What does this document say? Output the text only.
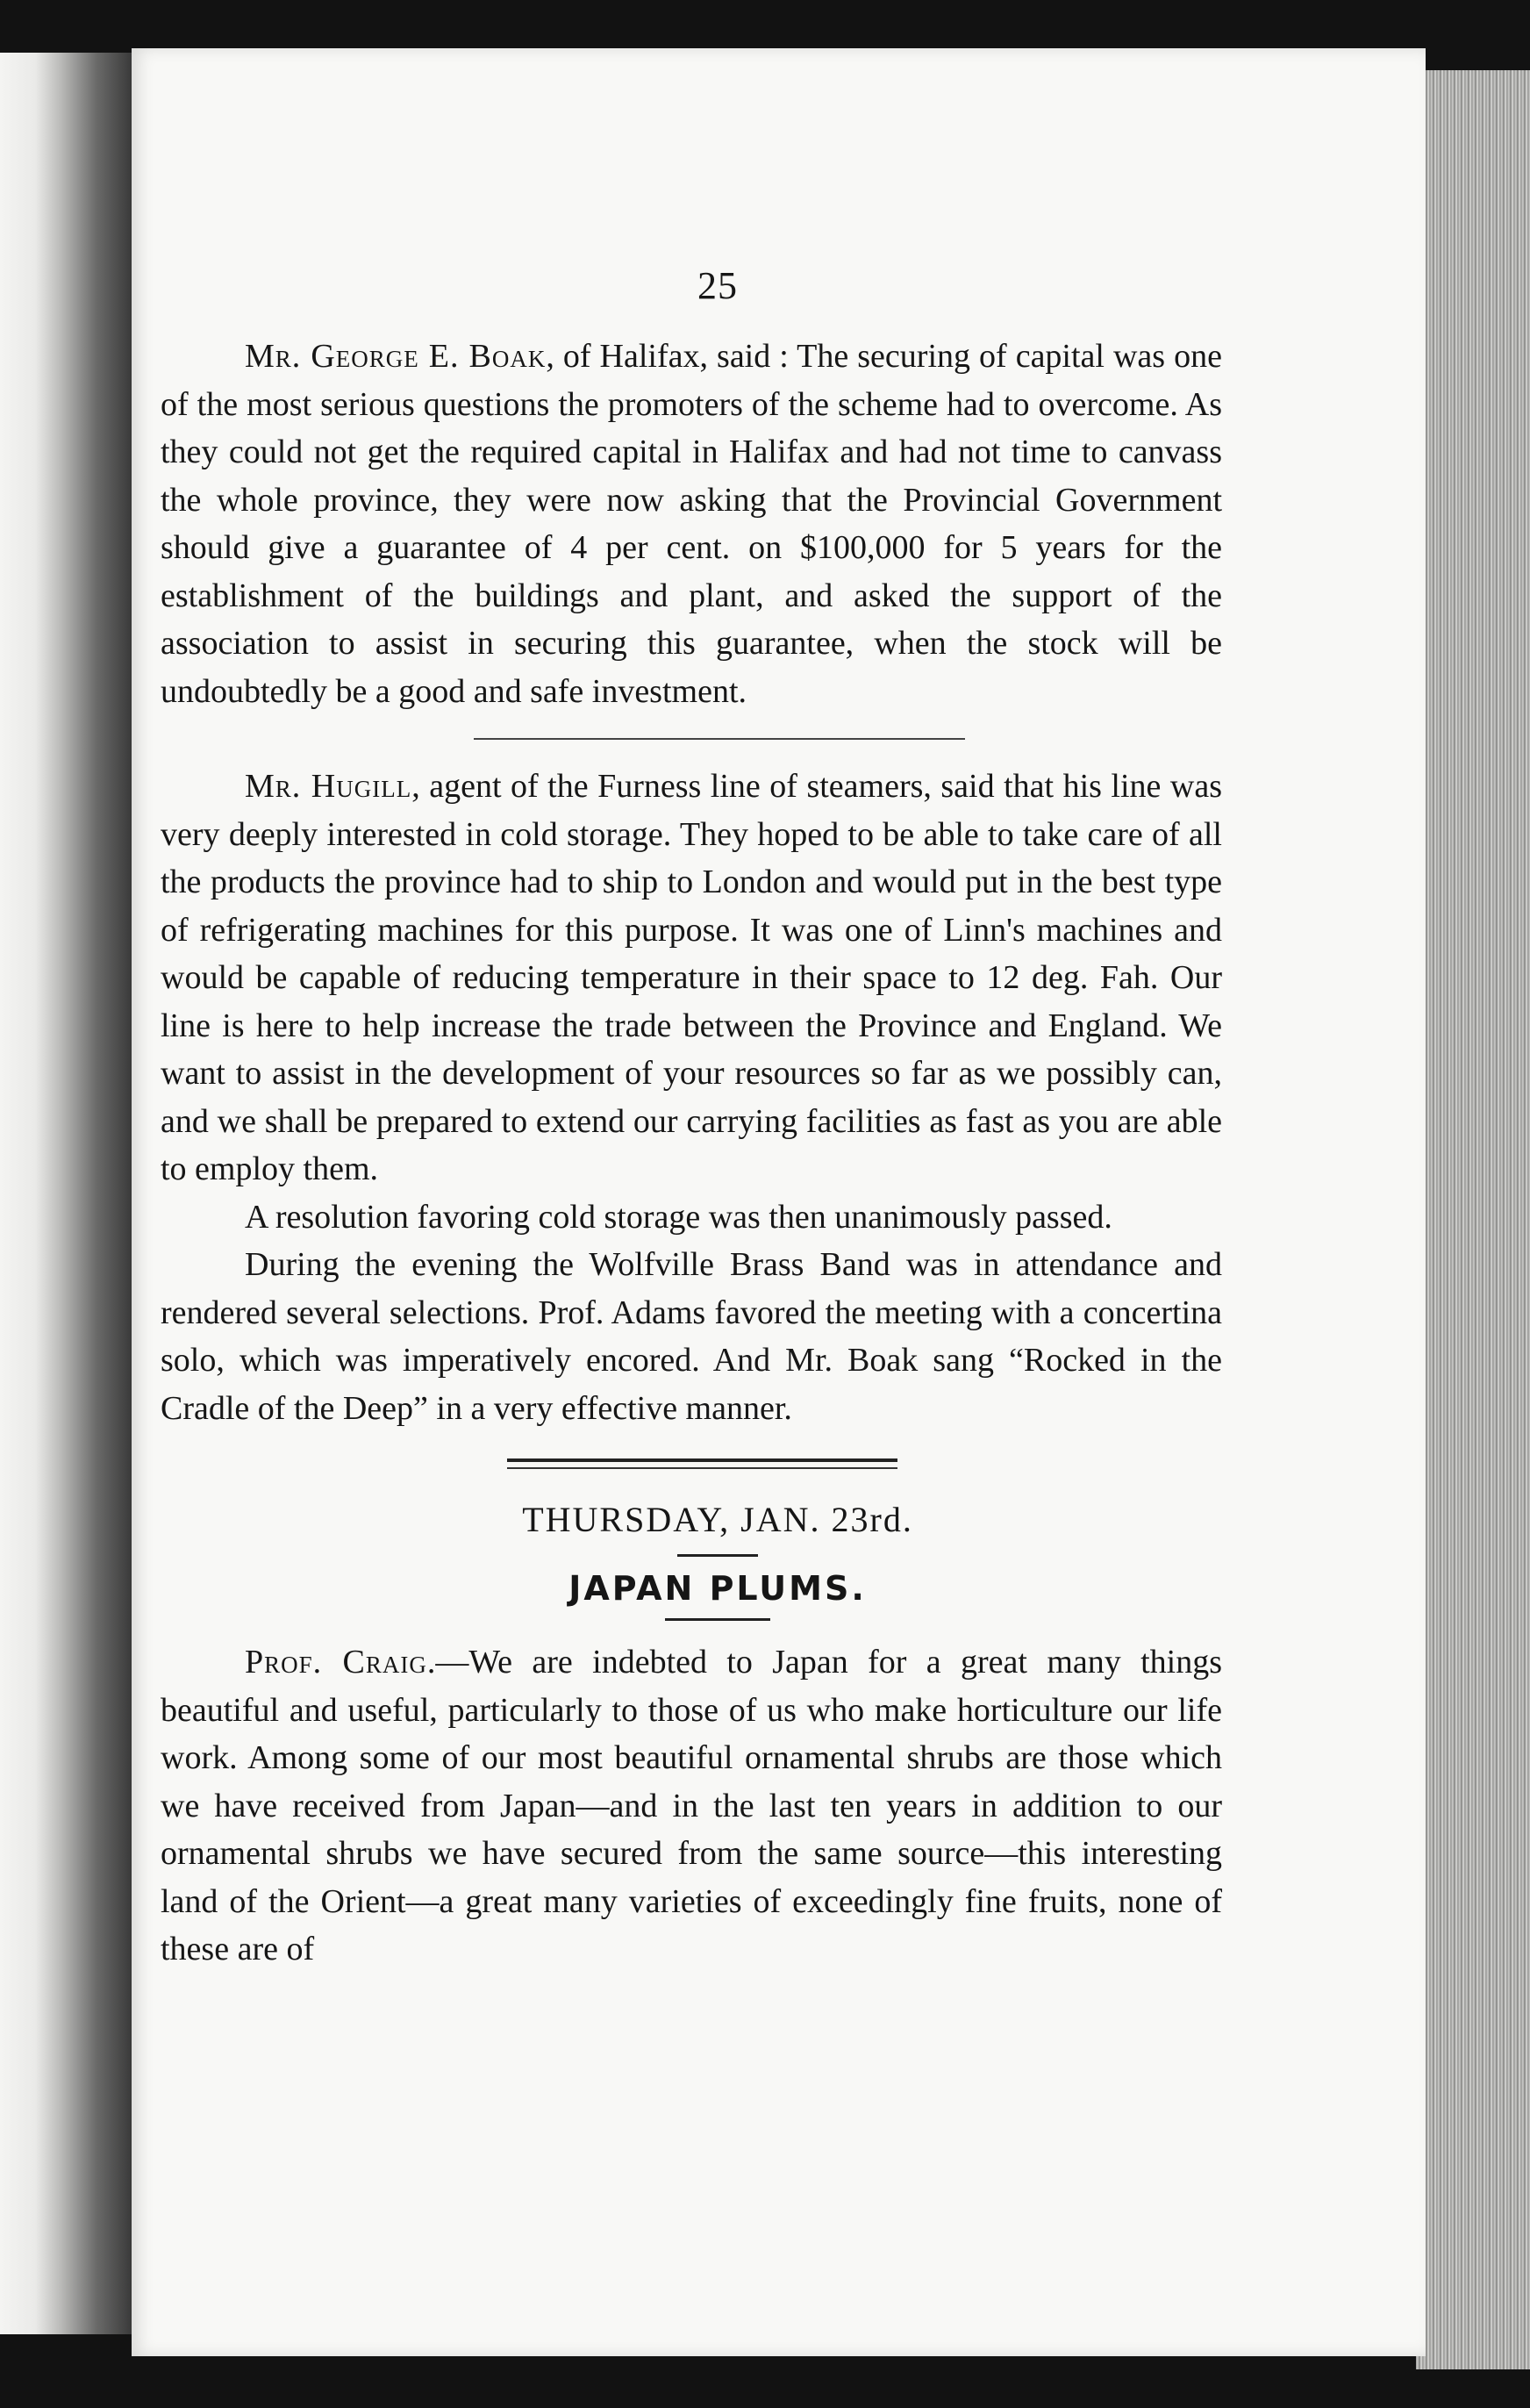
25

Mr. George E. Boak, of Halifax, said : The securing of capital was one of the most serious questions the promoters of the scheme had to overcome. As they could not get the required capital in Halifax and had not time to canvass the whole province, they were now asking that the Provincial Government should give a guarantee of 4 per cent. on $100,000 for 5 years for the establishment of the buildings and plant, and asked the support of the association to assist in securing this guarantee, when the stock will be undoubtedly be a good and safe investment.

Mr. Hugill, agent of the Furness line of steamers, said that his line was very deeply interested in cold storage. They hoped to be able to take care of all the products the province had to ship to London and would put in the best type of refrigerating machines for this purpose. It was one of Linn's machines and would be capable of reducing temperature in their space to 12 deg. Fah. Our line is here to help increase the trade between the Province and England. We want to assist in the development of your resources so far as we possibly can, and we shall be prepared to extend our carrying facilities as fast as you are able to employ them.

A resolution favoring cold storage was then unanimously passed.

During the evening the Wolfville Brass Band was in attendance and rendered several selections. Prof. Adams favored the meeting with a concertina solo, which was imperatively encored. And Mr. Boak sang “Rocked in the Cradle of the Deep” in a very effective manner.

THURSDAY, JAN. 23rd.

JAPAN PLUMS.

Prof. Craig.—We are indebted to Japan for a great many things beautiful and useful, particularly to those of us who make horticulture our life work. Among some of our most beautiful ornamental shrubs are those which we have received from Japan—and in the last ten years in addition to our ornamental shrubs we have secured from the same source—this interesting land of the Orient—a great many varieties of exceedingly fine fruits, none of these are of
